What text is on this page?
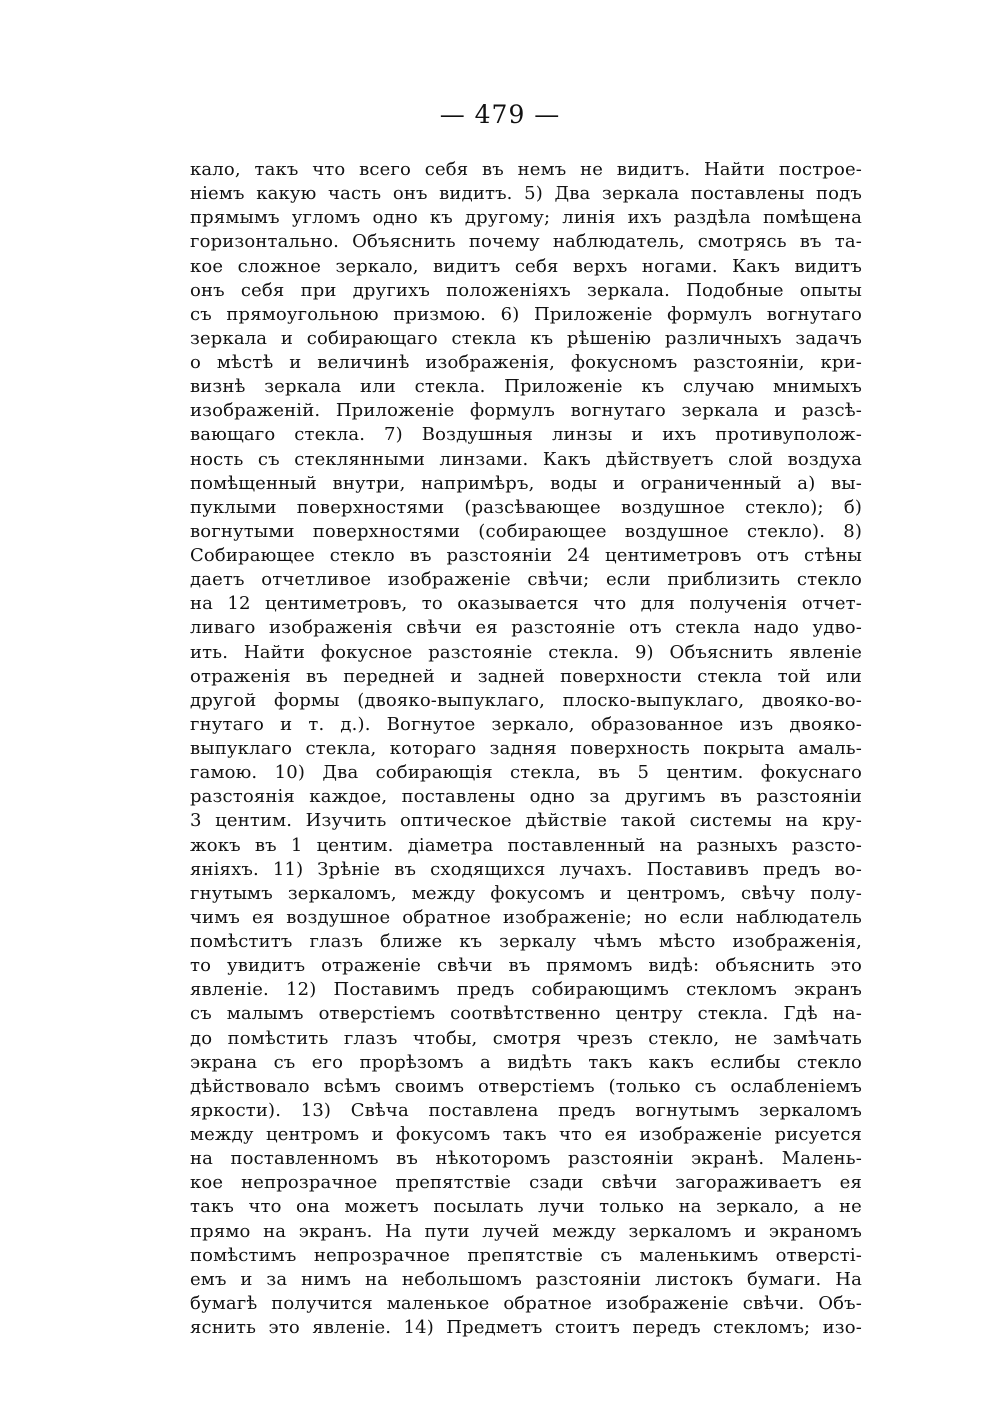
— 479 —
кало, такъ что всего себя въ немъ не видитъ. Найти построе-
ніемъ какую часть онъ видитъ. 5) Два зеркала поставлены подъ
прямымъ угломъ одно къ другому; линія ихъ раздѣла помѣщена
горизонтально. Объяснить почему наблюдатель, смотрясь въ та-
кое сложное зеркало, видитъ себя верхъ ногами. Какъ видитъ
онъ себя при другихъ положеніяхъ зеркала. Подобные опыты
съ прямоугольною призмою. 6) Приложеніе формулъ вогнутаго
зеркала и собирающаго стекла къ рѣшенію различныхъ задачъ
о мѣстѣ и величинѣ изображенія, фокусномъ разстояніи, кри-
визнѣ зеркала или стекла. Приложеніе къ случаю мнимыхъ
изображеній. Приложеніе формулъ вогнутаго зеркала и разсѣ-
вающаго стекла. 7) Воздушныя линзы и ихъ противуполож-
ность съ стеклянными линзами. Какъ дѣйствуетъ слой воздуха
помѣщенный внутри, напримѣръ, воды и ограниченный а) вы-
пуклыми поверхностями (разсѣвающее воздушное стекло); б)
вогнутыми поверхностями (собирающее воздушное стекло). 8)
Собирающее стекло въ разстояніи 24 центиметровъ отъ стѣны
даетъ отчетливое изображеніе свѣчи; если приблизить стекло
на 12 центиметровъ, то оказывается что для полученія отчет-
ливаго изображенія свѣчи ея разстояніе отъ стекла надо удво-
ить. Найти фокусное разстояніе стекла. 9) Объяснить явленіе
отраженія въ передней и задней поверхности стекла той или
другой формы (двояко-выпуклаго, плоско-выпуклаго, двояко-во-
гнутаго и т. д.). Вогнутое зеркало, образованное изъ двояко-
выпуклаго стекла, котораго задняя поверхность покрыта амаль-
гамою. 10) Два собирающія стекла, въ 5 центим. фокуснаго
разстоянія каждое, поставлены одно за другимъ въ разстояніи
3 центим. Изучить оптическое дѣйствіе такой системы на кру-
жокъ въ 1 центим. діаметра поставленный на разныхъ разсто-
яніяхъ. 11) Зрѣніе въ сходящихся лучахъ. Поставивъ предъ во-
гнутымъ зеркаломъ, между фокусомъ и центромъ, свѣчу полу-
чимъ ея воздушное обратное изображеніе; но если наблюдатель
помѣститъ глазъ ближе къ зеркалу чѣмъ мѣсто изображенія,
то увидитъ отраженіе свѣчи въ прямомъ видѣ: объяснить это
явленіе. 12) Поставимъ предъ собирающимъ стекломъ экранъ
съ малымъ отверстіемъ соотвѣтственно центру стекла. Гдѣ на-
до помѣстить глазъ чтобы, смотря чрезъ стекло, не замѣчать
экрана съ его прорѣзомъ а видѣть такъ какъ еслибы стекло
дѣйствовало всѣмъ своимъ отверстіемъ (только съ ослабленіемъ
яркости). 13) Свѣча поставлена предъ вогнутымъ зеркаломъ
между центромъ и фокусомъ такъ что ея изображеніе рисуется
на поставленномъ въ нѣкоторомъ разстояніи экранѣ. Малень-
кое непрозрачное препятствіе сзади свѣчи загораживаетъ ея
такъ что она можетъ посылать лучи только на зеркало, а не
прямо на экранъ. На пути лучей между зеркаломъ и экраномъ
помѣстимъ непрозрачное препятствіе съ маленькимъ отверсті-
емъ и за нимъ на небольшомъ разстояніи листокъ бумаги. На
бумагѣ получится маленькое обратное изображеніе свѣчи. Объ-
яснить это явленіе. 14) Предметъ стоитъ передъ стекломъ; изо-
